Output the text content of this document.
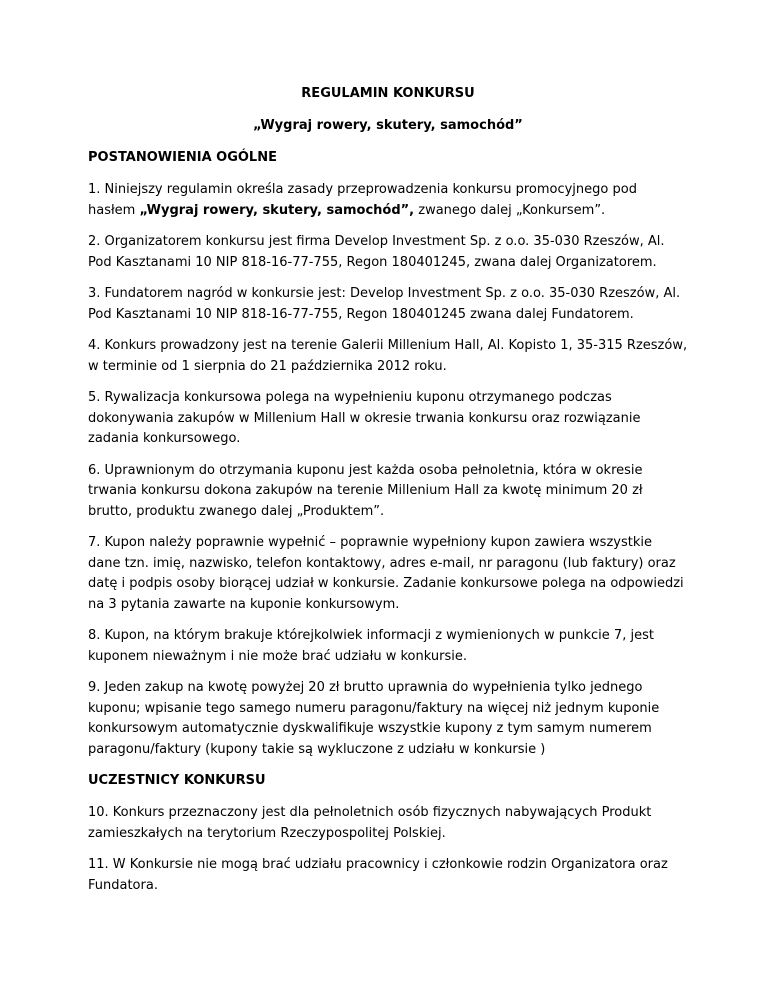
REGULAMIN KONKURSU
„Wygraj rowery, skutery, samochód”
POSTANOWIENIA OGÓLNE

1. Niniejszy regulamin określa zasady przeprowadzenia konkursu promocyjnego pod hasłem „Wygraj rowery, skutery, samochód”, zwanego dalej „Konkursem”.

2. Organizatorem konkursu jest firma Develop Investment Sp. z o.o. 35-030 Rzeszów, Al. Pod Kasztanami 10 NIP 818-16-77-755, Regon 180401245, zwana dalej Organizatorem.

3. Fundatorem nagród w konkursie jest: Develop Investment Sp. z o.o. 35-030 Rzeszów, Al. Pod Kasztanami 10 NIP 818-16-77-755, Regon 180401245 zwana dalej Fundatorem.

4. Konkurs prowadzony jest na terenie Galerii Millenium Hall, Al. Kopisto 1, 35-315 Rzeszów, w terminie od 1 sierpnia do 21 października 2012 roku.

5. Rywalizacja konkursowa polega na wypełnieniu kuponu otrzymanego podczas dokonywania zakupów w Millenium Hall w okresie trwania konkursu oraz rozwiązanie zadania konkursowego.

6. Uprawnionym do otrzymania kuponu jest każda osoba pełnoletnia, która w okresie trwania konkursu dokona zakupów na terenie Millenium Hall za kwotę minimum 20 zł brutto, produktu zwanego dalej „Produktem”.

7. Kupon należy poprawnie wypełnić – poprawnie wypełniony kupon zawiera wszystkie dane tzn. imię, nazwisko, telefon kontaktowy, adres e-mail, nr paragonu (lub faktury) oraz datę i podpis osoby biorącej udział w konkursie. Zadanie konkursowe polega na odpowiedzi na 3 pytania zawarte na kuponie konkursowym.

8. Kupon, na którym brakuje którejkolwiek informacji z wymienionych w punkcie 7, jest kuponem nieważnym i nie może brać udziału w konkursie.

9. Jeden zakup na kwotę powyżej 20 zł brutto uprawnia do wypełnienia tylko jednego kuponu; wpisanie tego samego numeru paragonu/faktury na więcej niż jednym kuponie konkursowym automatycznie dyskwalifikuje wszystkie kupony z tym samym numerem paragonu/faktury (kupony takie są wykluczone z udziału w konkursie )

UCZESTNICY KONKURSU

10. Konkurs przeznaczony jest dla pełnoletnich osób fizycznych nabywających Produkt zamieszkałych na terytorium Rzeczypospolitej Polskiej.

11. W Konkursie nie mogą brać udziału pracownicy i członkowie rodzin Organizatora oraz Fundatora.
